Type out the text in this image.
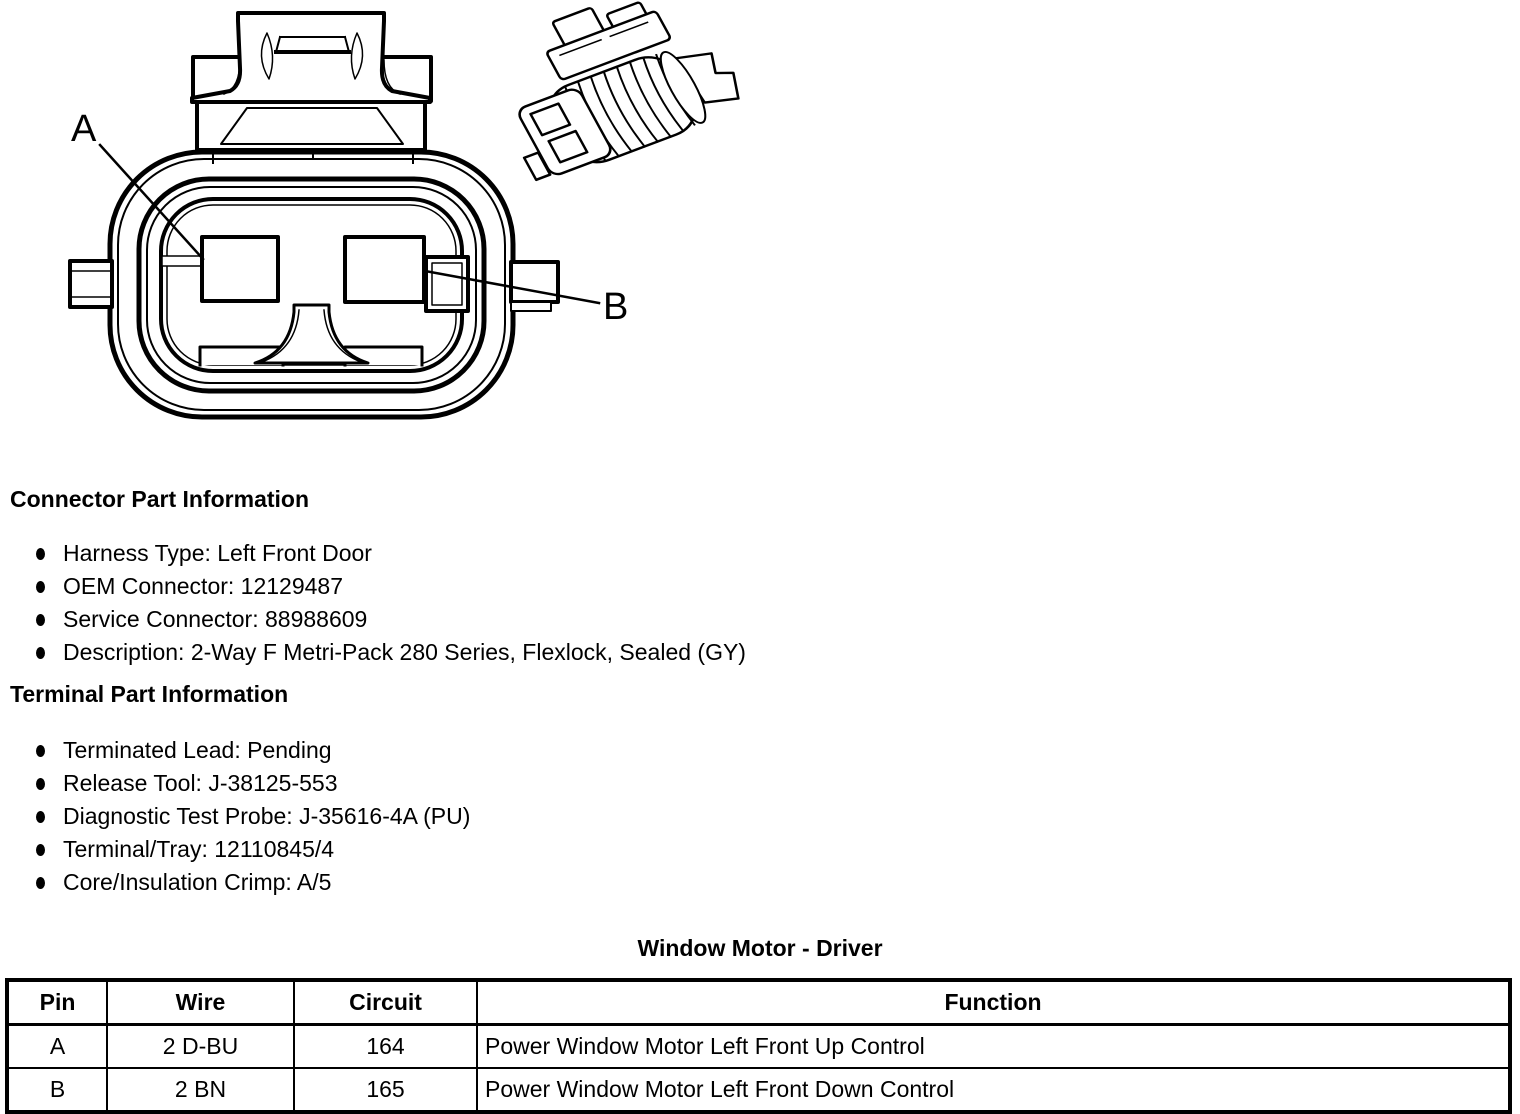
A
B
Connector Part Information
Harness Type: Left Front Door
OEM Connector: 12129487
Service Connector: 88988609
Description: 2-Way F Metri-Pack 280 Series, Flexlock, Sealed (GY)
Terminal Part Information
Terminated Lead: Pending
Release Tool: J-38125-553
Diagnostic Test Probe: J-35616-4A (PU)
Terminal/Tray: 12110845/4
Core/Insulation Crimp: A/5

Window Motor - Driver

Pin	Wire	Circuit	Function
A	2 D-BU	164	Power Window Motor Left Front Up Control
B	2 BN	165	Power Window Motor Left Front Down Control
